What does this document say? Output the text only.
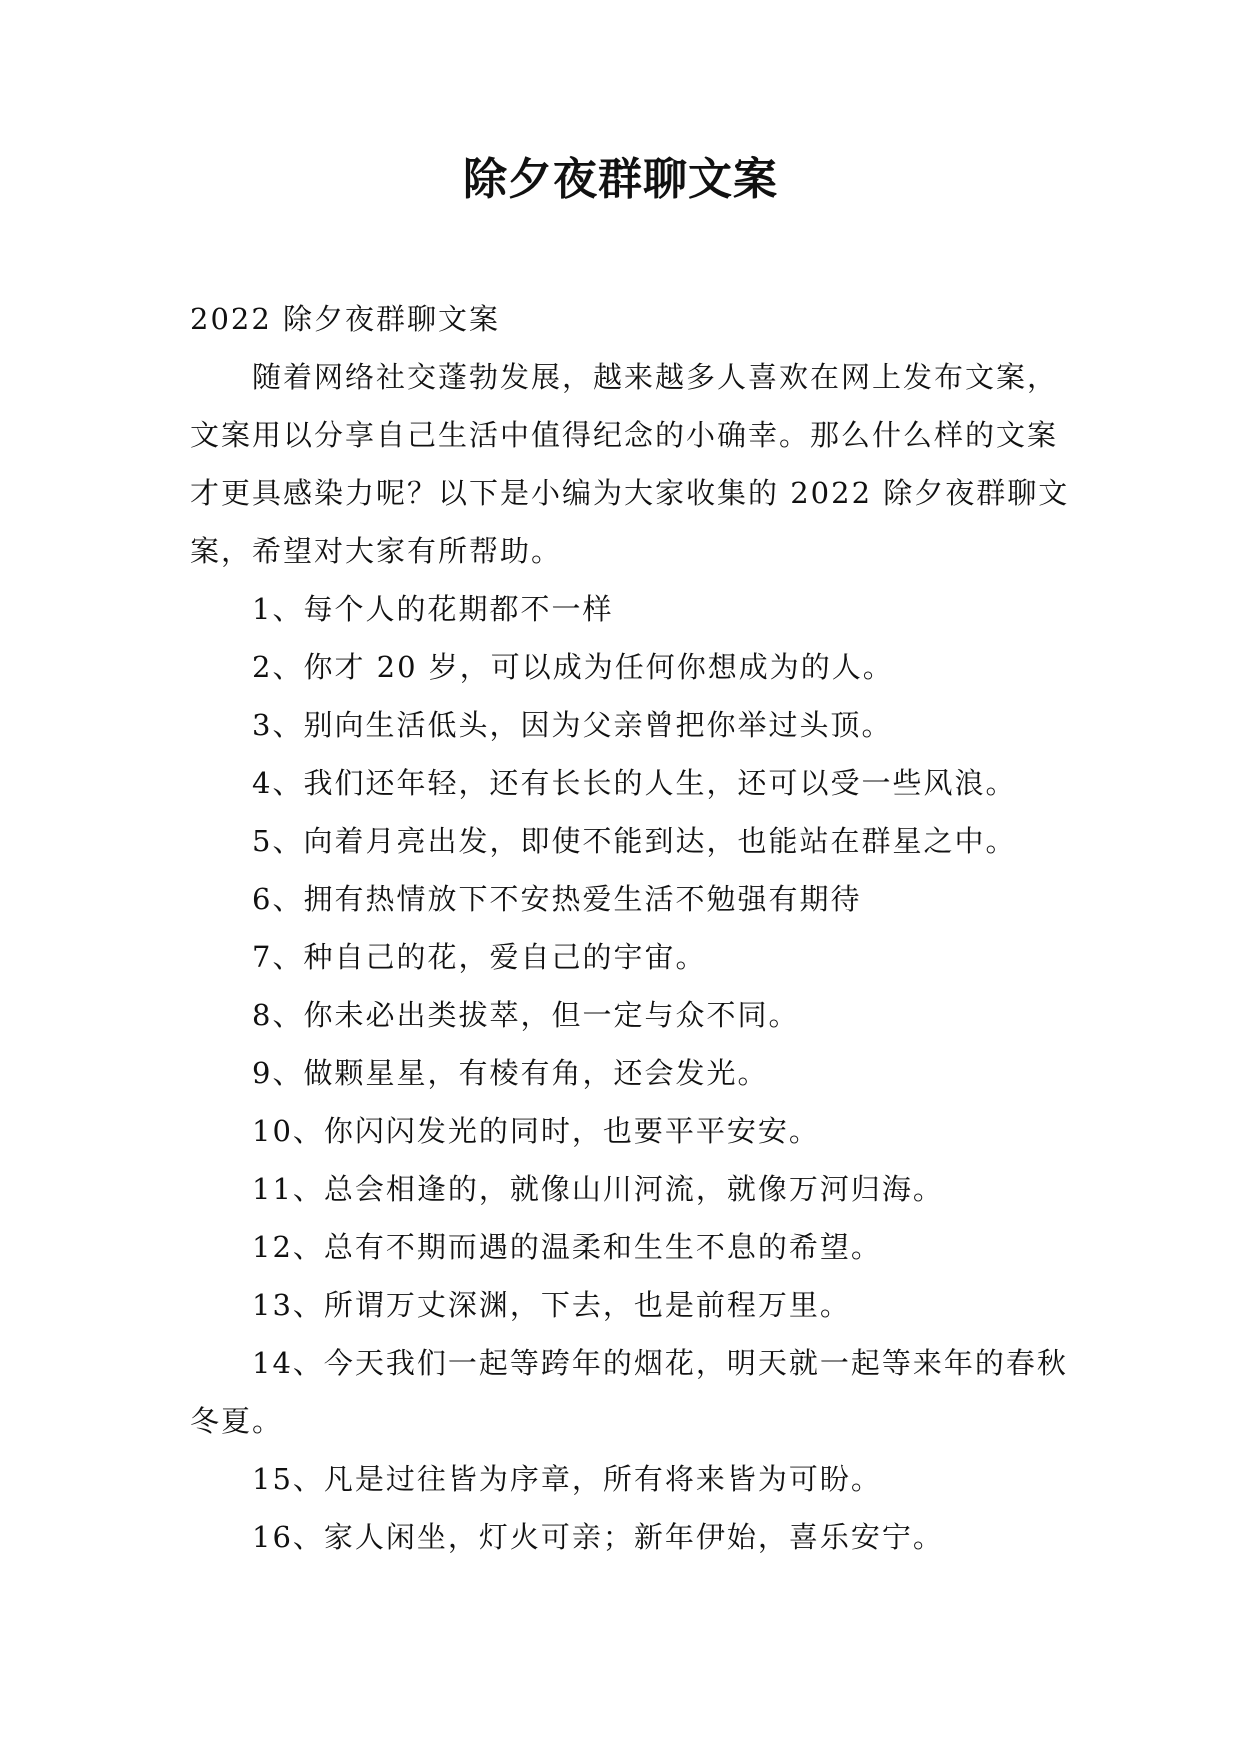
除夕夜群聊文案

2022 除夕夜群聊文案

随着网络社交蓬勃发展，越来越多人喜欢在网上发布文案，文案用以分享自己生活中值得纪念的小确幸。那么什么样的文案才更具感染力呢？以下是小编为大家收集的 2022 除夕夜群聊文案，希望对大家有所帮助。

1、每个人的花期都不一样

2、你才 20 岁，可以成为任何你想成为的人。

3、别向生活低头，因为父亲曾把你举过头顶。

4、我们还年轻，还有长长的人生，还可以受一些风浪。

5、向着月亮出发，即使不能到达，也能站在群星之中。

6、拥有热情放下不安热爱生活不勉强有期待

7、种自己的花，爱自己的宇宙。

8、你未必出类拔萃，但一定与众不同。

9、做颗星星，有棱有角，还会发光。

10、你闪闪发光的同时，也要平平安安。

11、总会相逢的，就像山川河流，就像万河归海。

12、总有不期而遇的温柔和生生不息的希望。

13、所谓万丈深渊，下去，也是前程万里。

14、今天我们一起等跨年的烟花，明天就一起等来年的春秋冬夏。

15、凡是过往皆为序章，所有将来皆为可盼。

16、家人闲坐，灯火可亲；新年伊始，喜乐安宁。
